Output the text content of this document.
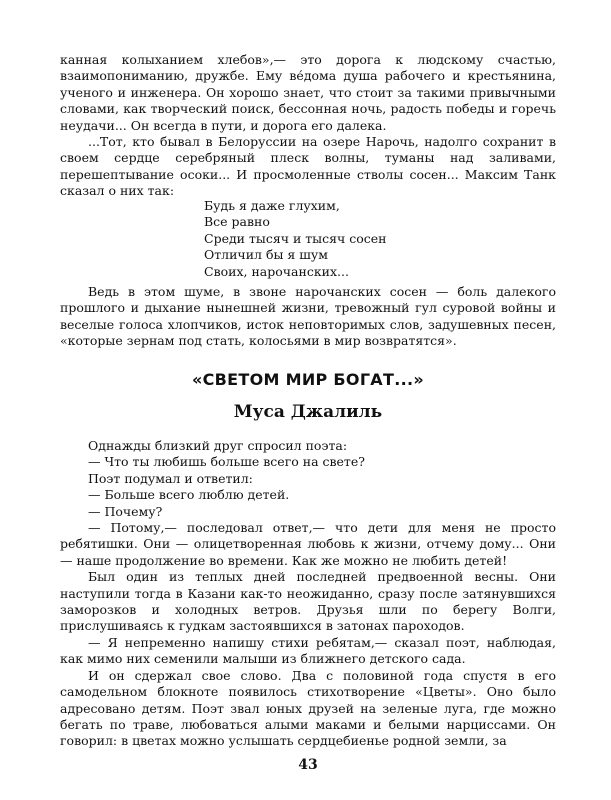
канная колыханием хлебов»,— это дорога к людскому счастью, взаимопониманию, дружбе. Ему ве́дома душа рабочего и крестьянина, ученого и инженера. Он хорошо знает, что стоит за такими привычными словами, как творческий поиск, бессонная ночь, радость победы и горечь неудачи... Он всегда в пути, и дорога его далека.

...Тот, кто бывал в Белоруссии на озере Нарочь, надолго сохранит в своем сердце серебряный плеск волны, туманы над заливами, перешептывание осоки... И просмоленные стволы сосен... Максим Танк сказал о них так:

Будь я даже глухим,
Все равно
Среди тысяч и тысяч сосен
Отличил бы я шум
Своих, нарочанских...

Ведь в этом шуме, в звоне нарочанских сосен — боль далекого прошлого и дыхание нынешней жизни, тревожный гул суровой войны и веселые голоса хлопчиков, исток неповторимых слов, задушевных песен, «которые зернам под стать, колосьями в мир возвратятся».

«СВЕТОМ МИР БОГАТ...»
Муса Джалиль

Однажды близкий друг спросил поэта:

— Что ты любишь больше всего на свете?

Поэт подумал и ответил:

— Больше всего люблю детей.

— Почему?

— Потому,— последовал ответ,— что дети для меня не просто ребятишки. Они — олицетворенная любовь к жизни, отчему дому... Они — наше продолжение во времени. Как же можно не любить детей!

Был один из теплых дней последней предвоенной весны. Они наступили тогда в Казани как-то неожиданно, сразу после затянувшихся заморозков и холодных ветров. Друзья шли по берегу Волги, прислушиваясь к гудкам застоявшихся в затонах пароходов.

— Я непременно напишу стихи ребятам,— сказал поэт, наблюдая, как мимо них семенили малыши из ближнего детского сада.

И он сдержал свое слово. Два с половиной года спустя в его самодельном блокноте появилось стихотворение «Цветы». Оно было адресовано детям. Поэт звал юных друзей на зеленые луга, где можно бегать по траве, любоваться алыми маками и белыми нарциссами. Он говорил: в цветах можно услышать сердцебиенье родной земли, за

43
